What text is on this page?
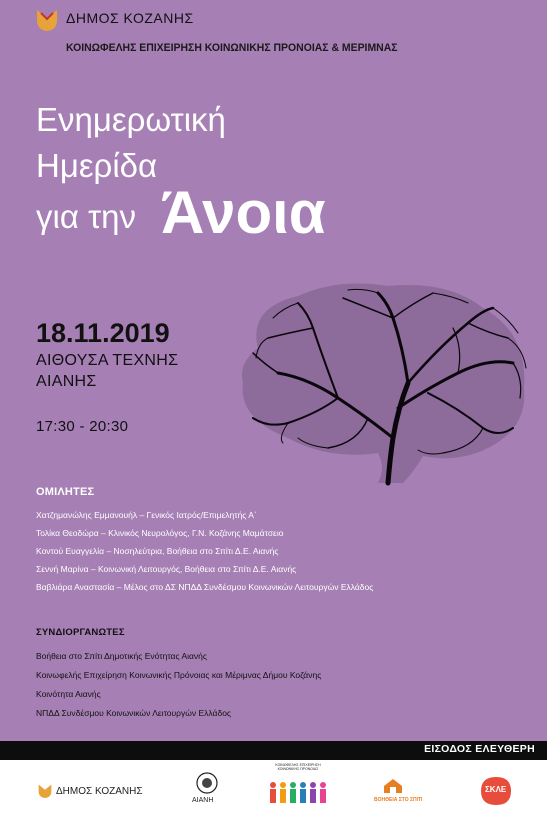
ΔΗΜΟΣ ΚΟΖΑΝΗΣ
ΚΟΙΝΩΦΕΛΗΣ ΕΠΙΧΕΙΡΗΣΗ ΚΟΙΝΩΝΙΚΗΣ ΠΡΟΝΟΙΑΣ & ΜΕΡΙΜΝΑΣ
Ενημερωτική
Ημερίδα
για την Άνοια
18.11.2019
ΑΙΘΟΥΣΑ ΤΕΧΝΗΣ
ΑΙΑΝΗΣ
17:30 - 20:30
ΟΜΙΛΗΤΕΣ
Χατζημανώλης Εμμανουήλ – Γενικός Ιατρός/Επιμελητής Α΄
Τολίκα Θεοδώρα – Κλινικός Νευρολόγος, Γ.Ν. Κοζάνης Μαμάτσειο
Κοντού Ευαγγελία – Νοσηλεύτρια, Βοήθεια στο Σπίτι Δ.Ε. Αιανής
Σεννή Μαρίνα – Κοινωνική Λειτουργός, Βοήθεια στο Σπίτι Δ.Ε. Αιανής
Βαβλιάρα Αναστασία – Μέλος στο ΔΣ ΝΠΔΔ Συνδέσμου Κοινωνικών Λειτουργών Ελλάδος
ΣΥΝΔΙΟΡΓΑΝΩΤΕΣ
Βοήθεια στο Σπίτι Δημοτικής Ενότητας Αιανής
Κοινωφελής Επιχείρηση Κοινωνικής Πρόνοιας και Μέριμνας Δήμου Κοζάνης
Κοινότητα Αιανής
ΝΠΔΔ Συνδέσμου Κοινωνικών Λειτουργών Ελλάδος
ΕΙΣΟΔΟΣ ΕΛΕΥΘΕΡΗ
ΔΗΜΟΣ ΚΟΖΑΝΗΣ
ΑΙΑΝΗ
ΚΟΙΝΩΦΕΛΗΣ ΕΠΙΧΕΙΡΗΣΗ ΚΟΙΝΩΝΙΚΗΣ ΠΡΟΝΟΙΑΣ
ΒΟΗΘΕΙΑ ΣΤΟ ΣΠΙΤΙ
ΣΚΛΕ
